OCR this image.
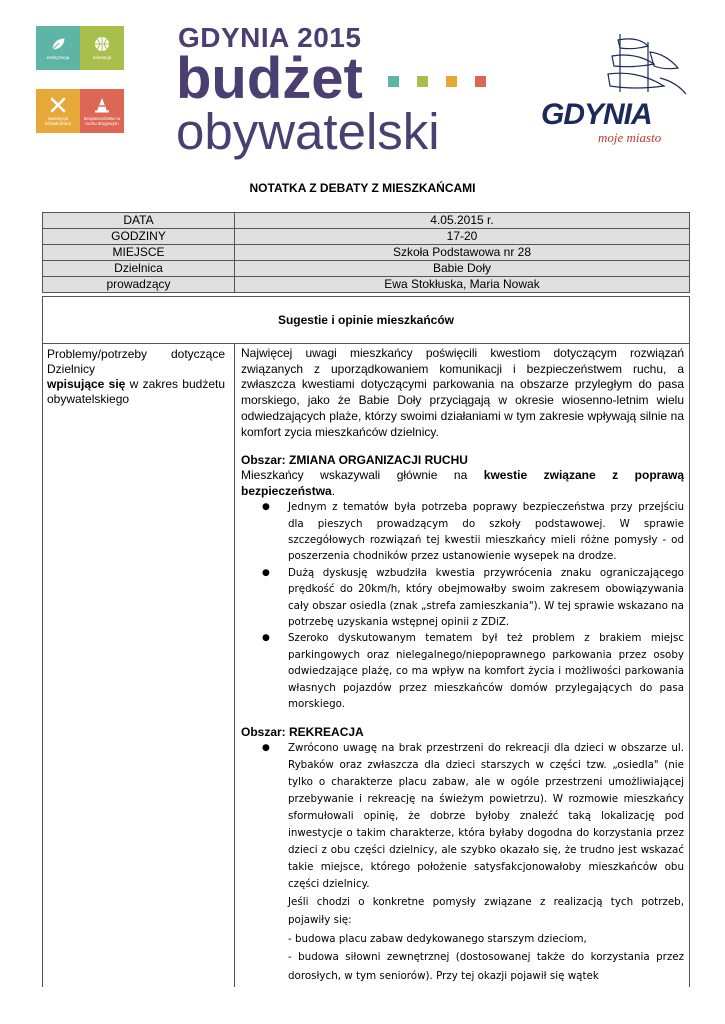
estetyzacja	rekreacja
inwestycje infrastruktury
bezpieczeństwo w ruchu drogowym
GDYNIA 2015
budżet
obywatelski	GDYNIA
moje miasto
NOTATKA Z DEBATY Z MIESZKAŃCAMI
DATA	4.05.2015 r.
GODZINY	17-20
MIEJSCE	Szkoła Podstawowa nr 28
Dzielnica	Babie Doły
prowadzący	Ewa Stokłuska, Maria Nowak
Sugestie i opinie mieszkańców
Problemy/potrzeby dotyczące Dzielnicy
wpisujące się w zakres budżetu obywatelskiego

Najwięcej uwagi mieszkańcy poświęcili kwestiom dotyczącym rozwiązań związanych z uporządkowaniem komunikacji i bezpieczeństwem ruchu, a zwłaszcza kwestiami dotyczącymi parkowania na obszarze przyległym do pasa morskiego, jako że Babie Doły przyciągają w okresie wiosenno-letnim wielu odwiedzających plaże, którzy swoimi działaniami w tym zakresie wpływają silnie na komfort zycia mieszkańców dzielnicy.

Obszar: ZMIANA ORGANIZACJI RUCHU

Mieszkańcy wskazywali głównie na kwestie związane z poprawą bezpieczeństwa.

● Jednym z tematów była potrzeba poprawy bezpieczeństwa przy przejściu dla pieszych prowadzącym do szkoły podstawowej. W sprawie szczegółowych rozwiązań tej kwestii mieszkańcy mieli różne pomysły - od poszerzenia chodników przez ustanowienie wysepek na drodze.
● Dużą dyskusję wzbudziła kwestia przywrócenia znaku ograniczającego prędkość do 20km/h, który obejmowałby swoim zakresem obowiązywania cały obszar osiedla (znak „strefa zamieszkania"). W tej sprawie wskazano na potrzebę uzyskania wstępnej opinii z ZDiZ.
● Szeroko dyskutowanym tematem był też problem z brakiem miejsc parkingowych oraz nielegalnego/niepoprawnego parkowania przez osoby odwiedzające plażę, co ma wpływ na komfort życia i możliwości parkowania własnych pojazdów przez mieszkańców domów przylegających do pasa morskiego.
Obszar: REKREACJA
● Zwrócono uwagę na brak przestrzeni do rekreacji dla dzieci w obszarze ul. Rybaków oraz zwłaszcza dla dzieci starszych w części tzw. „osiedla" (nie tylko o charakterze placu zabaw, ale w ogóle przestrzeni umożliwiającej przebywanie i rekreację na świeżym powietrzu). W rozmowie mieszkańcy sformułowali opinię, że dobrze byłoby znaleźć taką lokalizację pod inwestycje o takim charakterze, która byłaby dogodna do korzystania przez dzieci z obu części dzielnicy, ale szybko okazało się, że trudno jest wskazać takie miejsce, którego położenie satysfakcjonowałoby mieszkańców obu części dzielnicy.
Jeśli chodzi o konkretne pomysły związane z realizacją tych potrzeb, pojawiły się:
- budowa placu zabaw dedykowanego starszym dzieciom,
- budowa siłowni zewnętrznej (dostosowanej także do korzystania przez dorosłych, w tym seniorów). Przy tej okazji pojawił się wątek
